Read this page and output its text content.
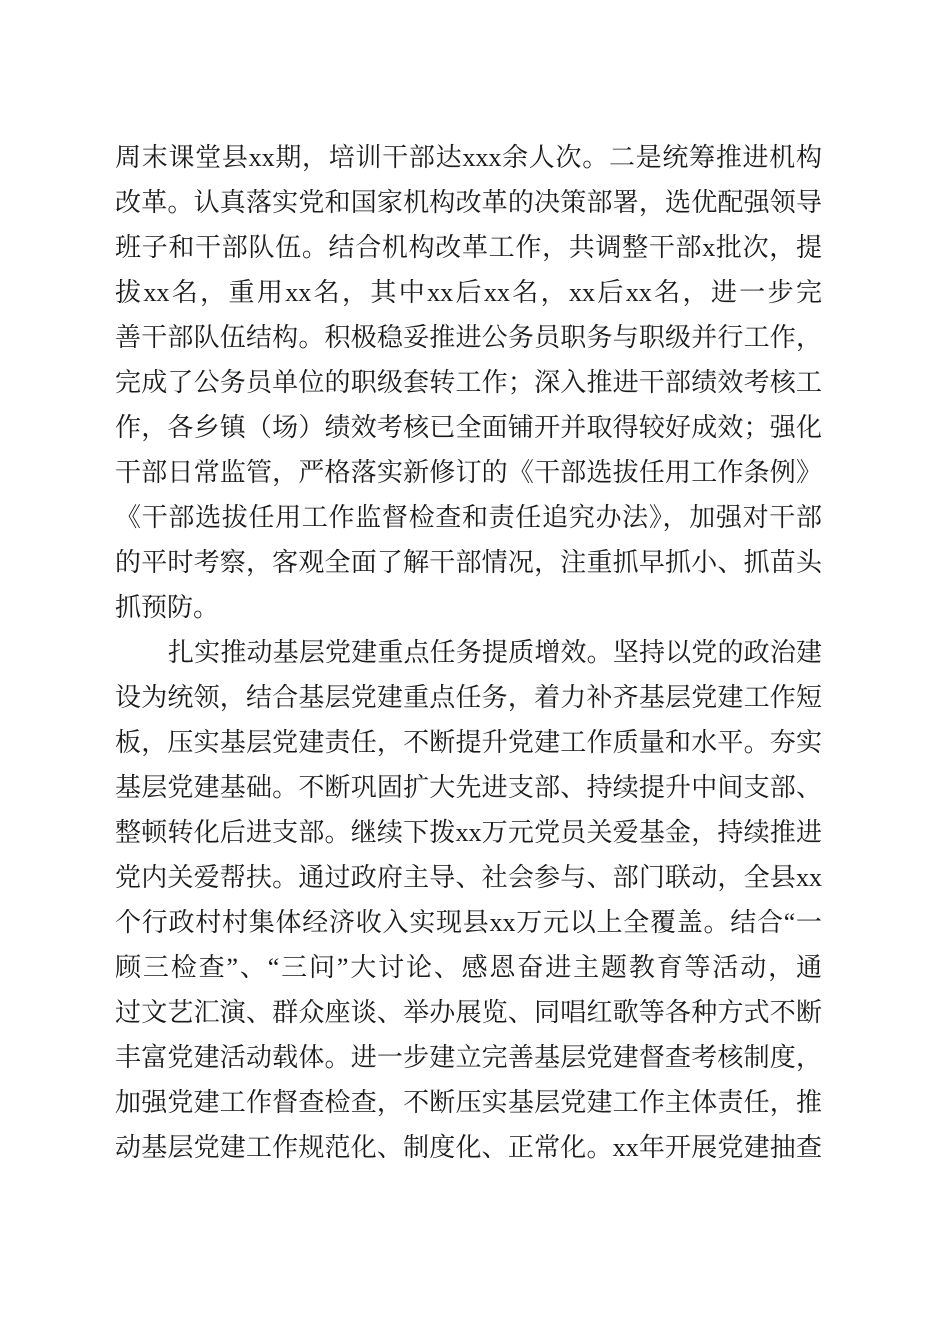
周末课堂县xx期，培训干部达xxx余人次。二是统筹推进机构
改革。认真落实党和国家机构改革的决策部署，选优配强领导
班子和干部队伍。结合机构改革工作，共调整干部x批次，提
拔xx名，重用xx名，其中xx后xx名，xx后xx名，进一步完
善干部队伍结构。积极稳妥推进公务员职务与职级并行工作，
完成了公务员单位的职级套转工作；深入推进干部绩效考核工
作，各乡镇（场）绩效考核已全面铺开并取得较好成效；强化
干部日常监管，严格落实新修订的《干部选拔任用工作条例》
《干部选拔任用工作监督检查和责任追究办法》，加强对干部
的平时考察，客观全面了解干部情况，注重抓早抓小、抓苗头
抓预防。
扎实推动基层党建重点任务提质增效。坚持以党的政治建
设为统领，结合基层党建重点任务，着力补齐基层党建工作短
板，压实基层党建责任，不断提升党建工作质量和水平。夯实
基层党建基础。不断巩固扩大先进支部、持续提升中间支部、
整顿转化后进支部。继续下拨xx万元党员关爱基金，持续推进
党内关爱帮扶。通过政府主导、社会参与、部门联动，全县xx
个行政村村集体经济收入实现县xx万元以上全覆盖。结合“一
顾三检查”、“三问”大讨论、感恩奋进主题教育等活动，通
过文艺汇演、群众座谈、举办展览、同唱红歌等各种方式不断
丰富党建活动载体。进一步建立完善基层党建督查考核制度，
加强党建工作督查检查，不断压实基层党建工作主体责任，推
动基层党建工作规范化、制度化、正常化。xx年开展党建抽查
